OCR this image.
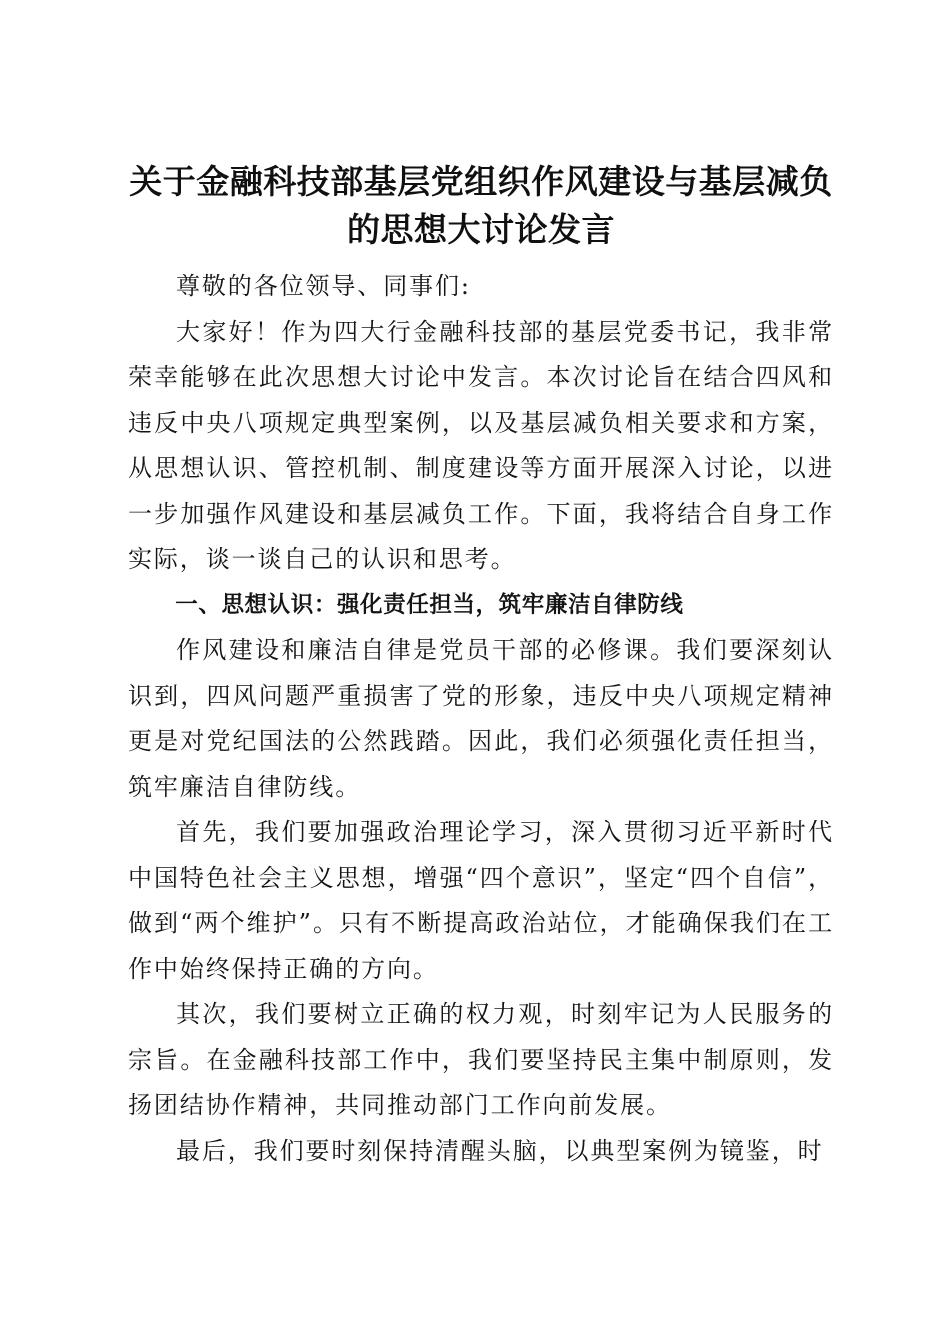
关于金融科技部基层党组织作风建设与基层减负的思想大讨论发言

尊敬的各位领导、同事们:

大家好！作为四大行金融科技部的基层党委书记，我非常荣幸能够在此次思想大讨论中发言。本次讨论旨在结合四风和违反中央八项规定典型案例，以及基层减负相关要求和方案，从思想认识、管控机制、制度建设等方面开展深入讨论，以进一步加强作风建设和基层减负工作。下面，我将结合自身工作实际，谈一谈自己的认识和思考。

一、思想认识：强化责任担当，筑牢廉洁自律防线

作风建设和廉洁自律是党员干部的必修课。我们要深刻认识到，四风问题严重损害了党的形象，违反中央八项规定精神更是对党纪国法的公然践踏。因此，我们必须强化责任担当，筑牢廉洁自律防线。

首先，我们要加强政治理论学习，深入贯彻习近平新时代中国特色社会主义思想，增强“四个意识”，坚定“四个自信”，做到“两个维护”。只有不断提高政治站位，才能确保我们在工作中始终保持正确的方向。

其次，我们要树立正确的权力观，时刻牢记为人民服务的宗旨。在金融科技部工作中，我们要坚持民主集中制原则，发扬团结协作精神，共同推动部门工作向前发展。

最后，我们要时刻保持清醒头脑，以典型案例为镜鉴，时
